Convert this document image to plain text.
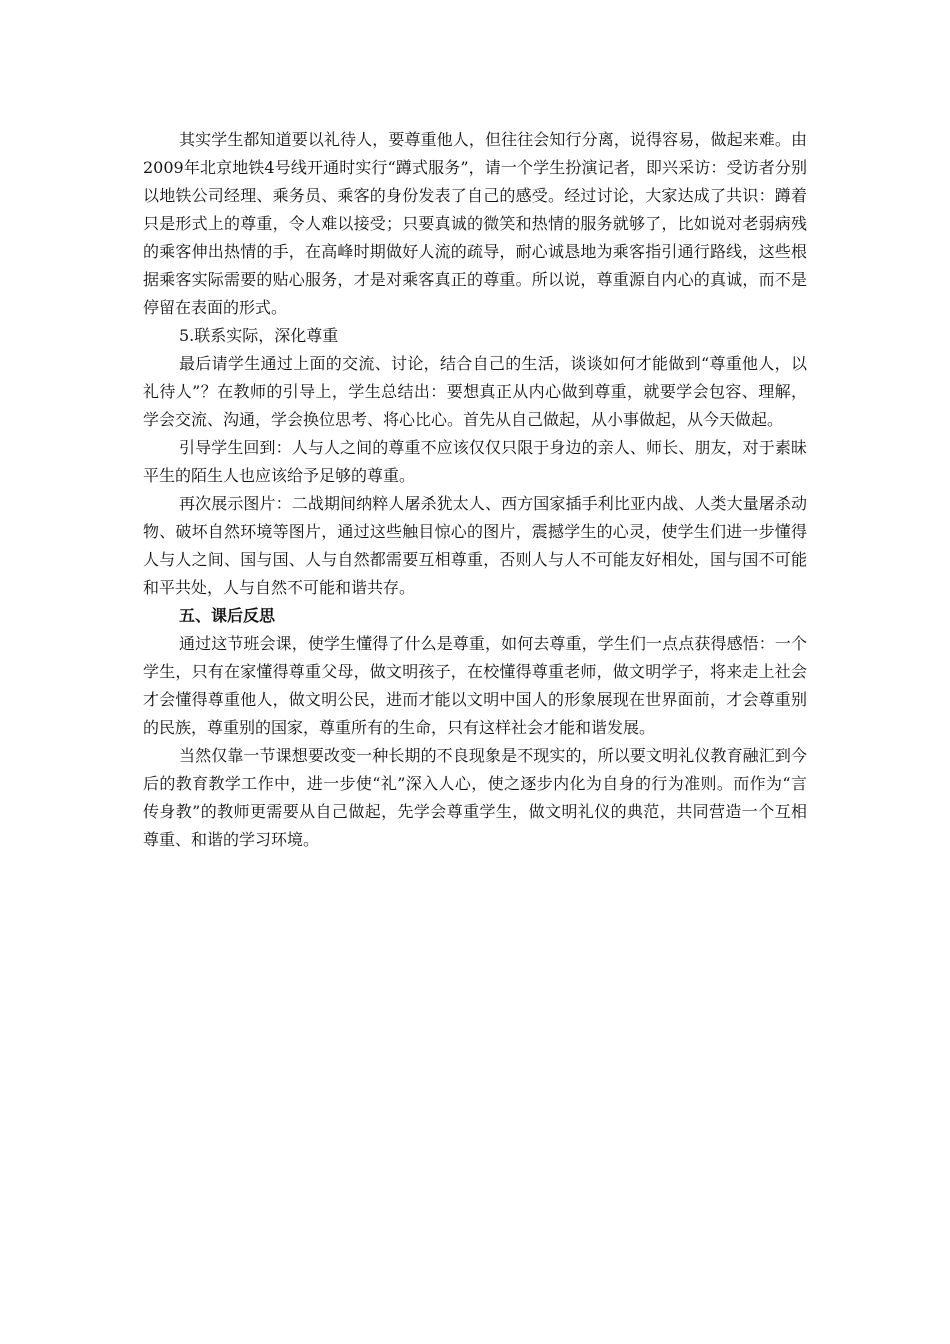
其实学生都知道要以礼待人，要尊重他人，但往往会知行分离，说得容易，做起来难。由2009年北京地铁4号线开通时实行“蹲式服务”，请一个学生扮演记者，即兴采访：受访者分别以地铁公司经理、乘务员、乘客的身份发表了自己的感受。经过讨论，大家达成了共识：蹲着只是形式上的尊重，令人难以接受；只要真诚的微笑和热情的服务就够了，比如说对老弱病残的乘客伸出热情的手，在高峰时期做好人流的疏导，耐心诚恳地为乘客指引通行路线，这些根据乘客实际需要的贴心服务，才是对乘客真正的尊重。所以说，尊重源自内心的真诚，而不是停留在表面的形式。

5.联系实际，深化尊重

最后请学生通过上面的交流、讨论，结合自己的生活，谈谈如何才能做到“尊重他人，以礼待人”？在教师的引导上，学生总结出：要想真正从内心做到尊重，就要学会包容、理解，学会交流、沟通，学会换位思考、将心比心。首先从自己做起，从小事做起，从今天做起。

引导学生回到：人与人之间的尊重不应该仅仅只限于身边的亲人、师长、朋友，对于素昧平生的陌生人也应该给予足够的尊重。

再次展示图片：二战期间纳粹人屠杀犹太人、西方国家插手利比亚内战、人类大量屠杀动物、破坏自然环境等图片，通过这些触目惊心的图片，震撼学生的心灵，使学生们进一步懂得人与人之间、国与国、人与自然都需要互相尊重，否则人与人不可能友好相处，国与国不可能和平共处，人与自然不可能和谐共存。

五、课后反思

通过这节班会课，使学生懂得了什么是尊重，如何去尊重，学生们一点点获得感悟：一个学生，只有在家懂得尊重父母，做文明孩子，在校懂得尊重老师，做文明学子，将来走上社会才会懂得尊重他人，做文明公民，进而才能以文明中国人的形象展现在世界面前，才会尊重别的民族，尊重别的国家，尊重所有的生命，只有这样社会才能和谐发展。

当然仅靠一节课想要改变一种长期的不良现象是不现实的，所以要文明礼仪教育融汇到今后的教育教学工作中，进一步使“礼”深入人心，使之逐步内化为自身的行为准则。而作为“言传身教”的教师更需要从自己做起，先学会尊重学生，做文明礼仪的典范，共同营造一个互相尊重、和谐的学习环境。
